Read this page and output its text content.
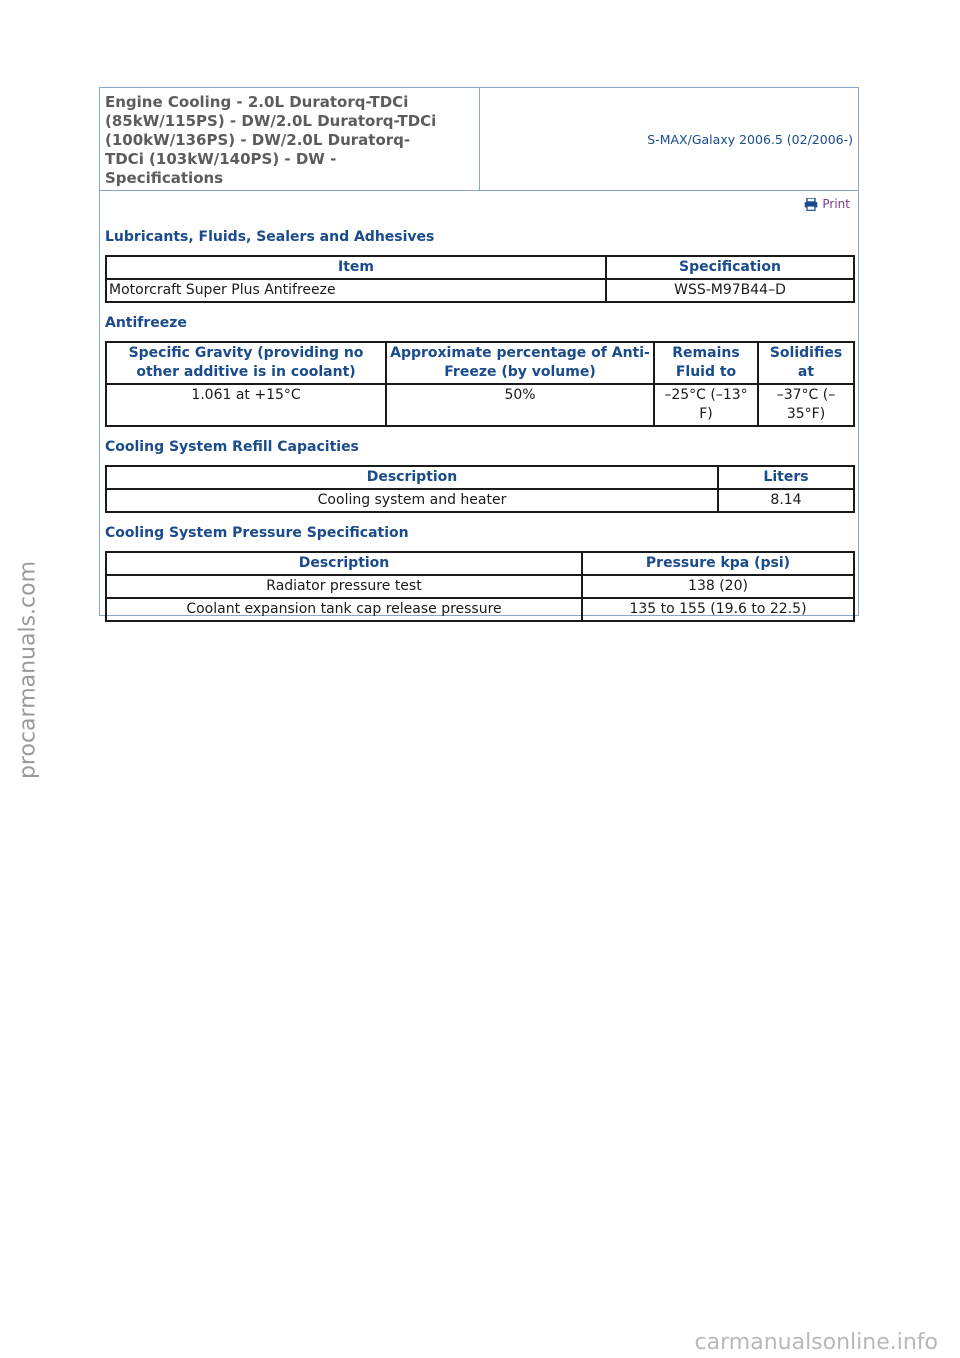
Engine Cooling - 2.0L Duratorq-TDCi
(85kW/115PS) - DW/2.0L Duratorq-TDCi
(100kW/136PS) - DW/2.0L Duratorq-
TDCi (103kW/140PS) - DW -
Specifications
S-MAX/Galaxy 2006.5 (02/2006-)
Print
Lubricants, Fluids, Sealers and Adhesives
Item	Specification
Motorcraft Super Plus Antifreeze	WSS-M97B44–D
Antifreeze
Specific Gravity (providing no other additive is in coolant)	Approximate percentage of Anti-Freeze (by volume)	Remains Fluid to	Solidifies at
1.061 at +15°C	50%	–25°C (–13° F)	–37°C (– 35°F)
Cooling System Refill Capacities
Description	Liters
Cooling system and heater	8.14
Cooling System Pressure Specification
Description	Pressure kpa (psi)
Radiator pressure test	138 (20)
Coolant expansion tank cap release pressure	135 to 155 (19.6 to 22.5)
procarmanuals.com
carmanualsonline.info
